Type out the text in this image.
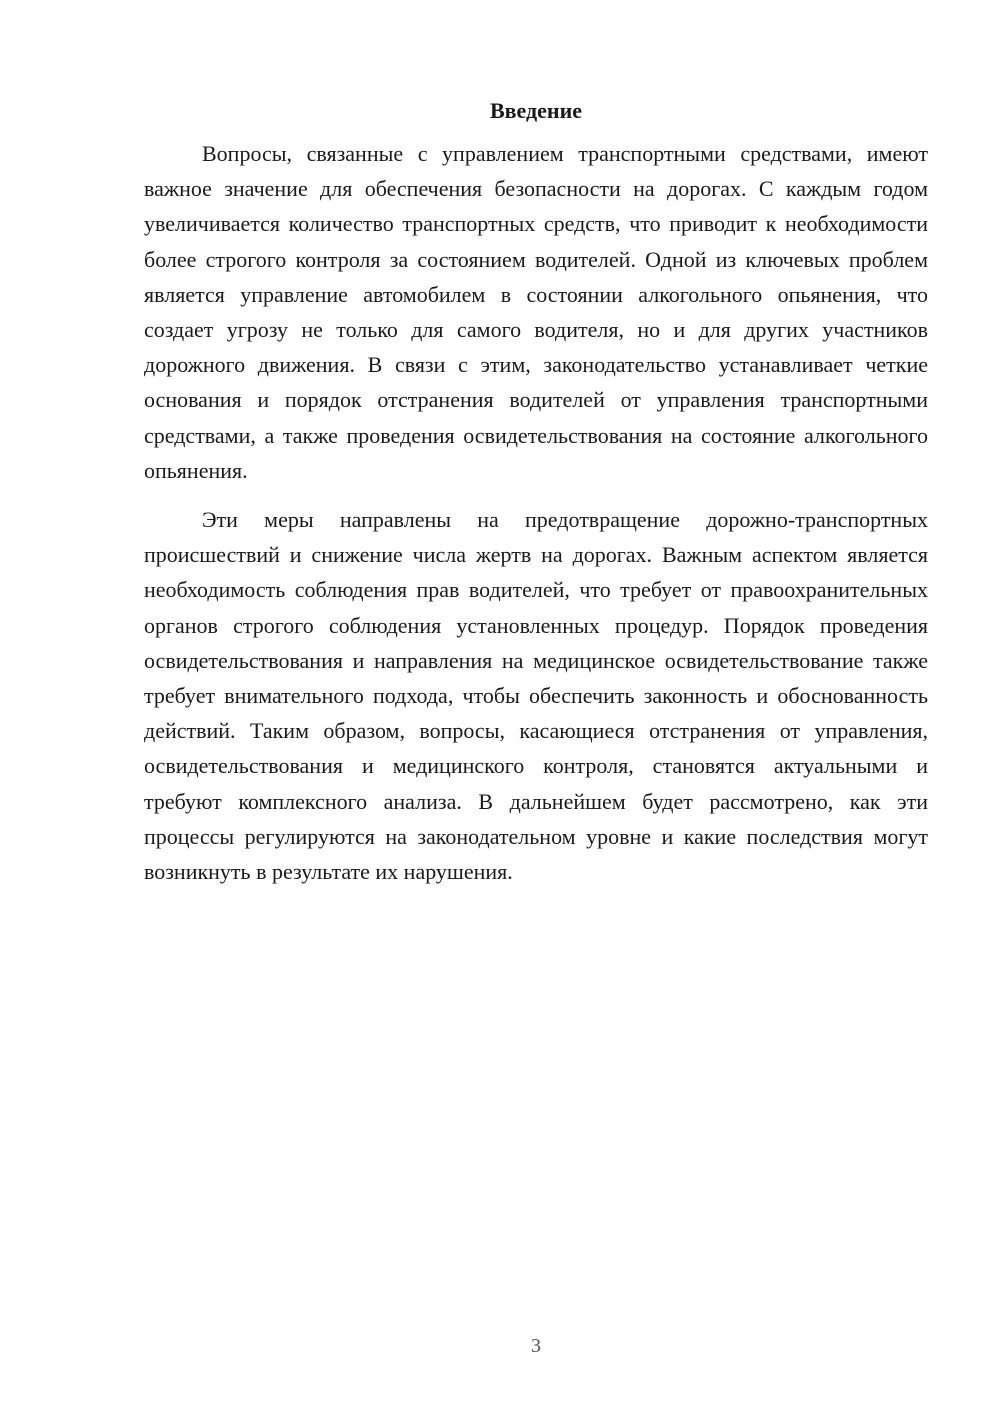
Введение

Вопросы, связанные с управлением транспортными средствами, имеют важное значение для обеспечения безопасности на дорогах. С каждым годом увеличивается количество транспортных средств, что приводит к необходимости более строгого контроля за состоянием водителей. Одной из ключевых проблем является управление автомобилем в состоянии алкогольного опьянения, что создает угрозу не только для самого водителя, но и для других участников дорожного движения. В связи с этим, законодательство устанавливает четкие основания и порядок отстранения водителей от управления транспортными средствами, а также проведения освидетельствования на состояние алкогольного опьянения.

Эти меры направлены на предотвращение дорожно-транспортных происшествий и снижение числа жертв на дорогах. Важным аспектом является необходимость соблюдения прав водителей, что требует от правоохранительных органов строгого соблюдения установленных процедур. Порядок проведения освидетельствования и направления на медицинское освидетельствование также требует внимательного подхода, чтобы обеспечить законность и обоснованность действий. Таким образом, вопросы, касающиеся отстранения от управления, освидетельствования и медицинского контроля, становятся актуальными и требуют комплексного анализа. В дальнейшем будет рассмотрено, как эти процессы регулируются на законодательном уровне и какие последствия могут возникнуть в результате их нарушения.

3
